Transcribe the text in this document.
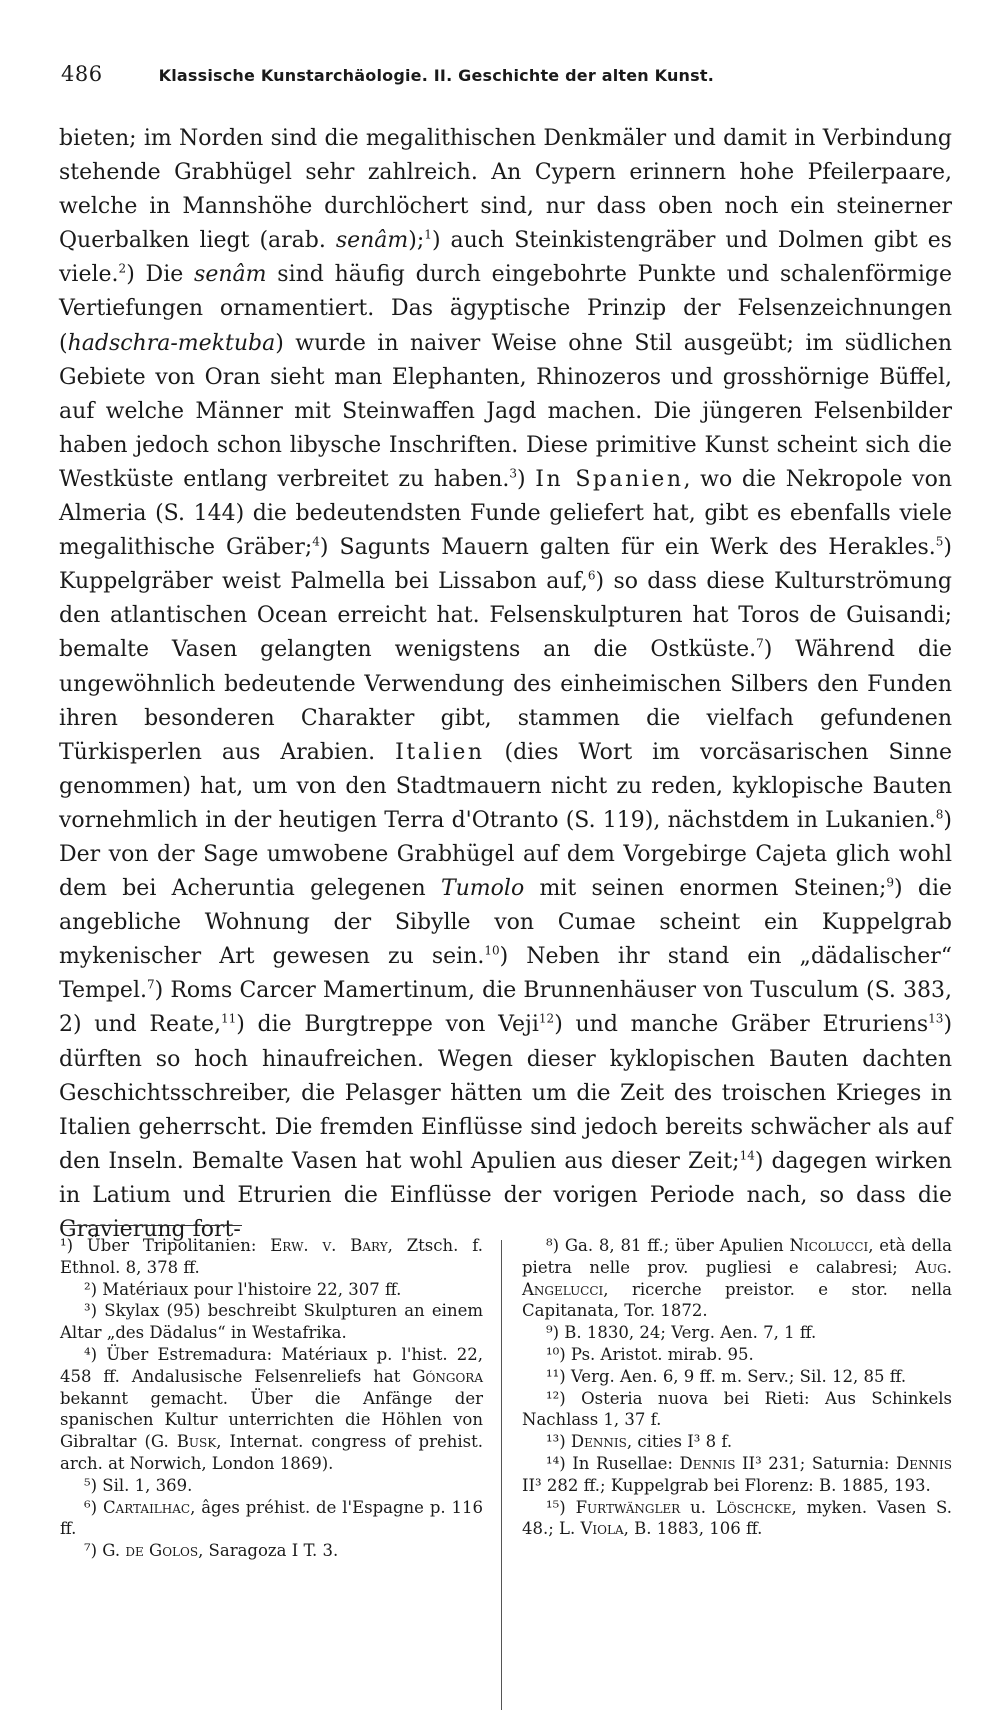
486	Klassische Kunstarchäologie. II. Geschichte der alten Kunst.

bieten; im Norden sind die megalithischen Denkmäler und damit in Verbindung stehende Grabhügel sehr zahlreich. An Cypern erinnern hohe Pfeilerpaare, welche in Mannshöhe durchlöchert sind, nur dass oben noch ein steinerner Querbalken liegt (arab. senâm);$^1$) auch Steinkistengräber und Dolmen gibt es viele.$^2$) Die senâm sind häufig durch eingebohrte Punkte und schalenförmige Vertiefungen ornamentiert. Das ägyptische Prinzip der Felsenzeichnungen (hadschra-mektuba) wurde in naiver Weise ohne Stil ausgeübt; im südlichen Gebiete von Oran sieht man Elephanten, Rhinozeros und grosshörnige Büffel, auf welche Männer mit Steinwaffen Jagd machen. Die jüngeren Felsenbilder haben jedoch schon libysche Inschriften. Diese primitive Kunst scheint sich die Westküste entlang verbreitet zu haben.$^3$) In Spanien, wo die Nekropole von Almeria (S. 144) die bedeutendsten Funde geliefert hat, gibt es ebenfalls viele megalithische Gräber;$^4$) Sagunts Mauern galten für ein Werk des Herakles.$^5$) Kuppelgräber weist Palmella bei Lissabon auf,$^6$) so dass diese Kulturströmung den atlantischen Ocean erreicht hat. Felsenskulpturen hat Toros de Guisandi; bemalte Vasen gelangten wenigstens an die Ostküste.$^7$) Während die ungewöhnlich bedeutende Verwendung des einheimischen Silbers den Funden ihren besonderen Charakter gibt, stammen die vielfach gefundenen Türkisperlen aus Arabien. Italien (dies Wort im vorcäsarischen Sinne genommen) hat, um von den Stadtmauern nicht zu reden, kyklopische Bauten vornehmlich in der heutigen Terra d'Otranto (S. 119), nächstdem in Lukanien.$^8$) Der von der Sage umwobene Grabhügel auf dem Vorgebirge Cajeta glich wohl dem bei Acheruntia gelegenen Tumolo mit seinen enormen Steinen;$^9$) die angebliche Wohnung der Sibylle von Cumae scheint ein Kuppelgrab mykenischer Art gewesen zu sein.$^{10}$) Neben ihr stand ein „dädalischer“ Tempel.$^7$) Roms Carcer Mamertinum, die Brunnenhäuser von Tusculum (S. 383, 2) und Reate,$^{11}$) die Burgtreppe von Veji$^{12}$) und manche Gräber Etruriens$^{13}$) dürften so hoch hinaufreichen. Wegen dieser kyklopischen Bauten dachten Geschichtsschreiber, die Pelasger hätten um die Zeit des troischen Krieges in Italien geherrscht. Die fremden Einflüsse sind jedoch bereits schwächer als auf den Inseln. Bemalte Vasen hat wohl Apulien aus dieser Zeit;$^{14}$) dagegen wirken in Latium und Etrurien die Einflüsse der vorigen Periode nach, so dass die Gravierung fort-

¹) Über Tripolitanien: Erw. v. Bary, Ztsch. f. Ethnol. 8, 378 ff.

²) Matériaux pour l'histoire 22, 307 ff.

³) Skylax (95) beschreibt Skulpturen an einem Altar „des Dädalus“ in Westafrika.

⁴) Über Estremadura: Matériaux p. l'hist. 22, 458 ff. Andalusische Felsenreliefs hat Góngora bekannt gemacht. Über die Anfänge der spanischen Kultur unterrichten die Höhlen von Gibraltar (G. Busk, Internat. congress of prehist. arch. at Norwich, London 1869).

⁵) Sil. 1, 369.

⁶) Cartailhac, âges préhist. de l'Espagne p. 116 ff.

⁷) G. de Golos, Saragoza I T. 3.

⁸) Ga. 8, 81 ff.; über Apulien Nicolucci, età della pietra nelle prov. pugliesi e calabresi; Aug. Angelucci, ricerche preistor. e stor. nella Capitanata, Tor. 1872.

⁹) B. 1830, 24; Verg. Aen. 7, 1 ff.

¹⁰) Ps. Aristot. mirab. 95.

¹¹) Verg. Aen. 6, 9 ff. m. Serv.; Sil. 12, 85 ff.

¹²) Osteria nuova bei Rieti: Aus Schinkels Nachlass 1, 37 f.

¹³) Dennis, cities I³ 8 f.

¹⁴) In Rusellae: Dennis II³ 231; Saturnia: Dennis II³ 282 ff.; Kuppelgrab bei Florenz: B. 1885, 193.

¹⁵) Furtwängler u. Löschcke, myken. Vasen S. 48.; L. Viola, B. 1883, 106 ff.
